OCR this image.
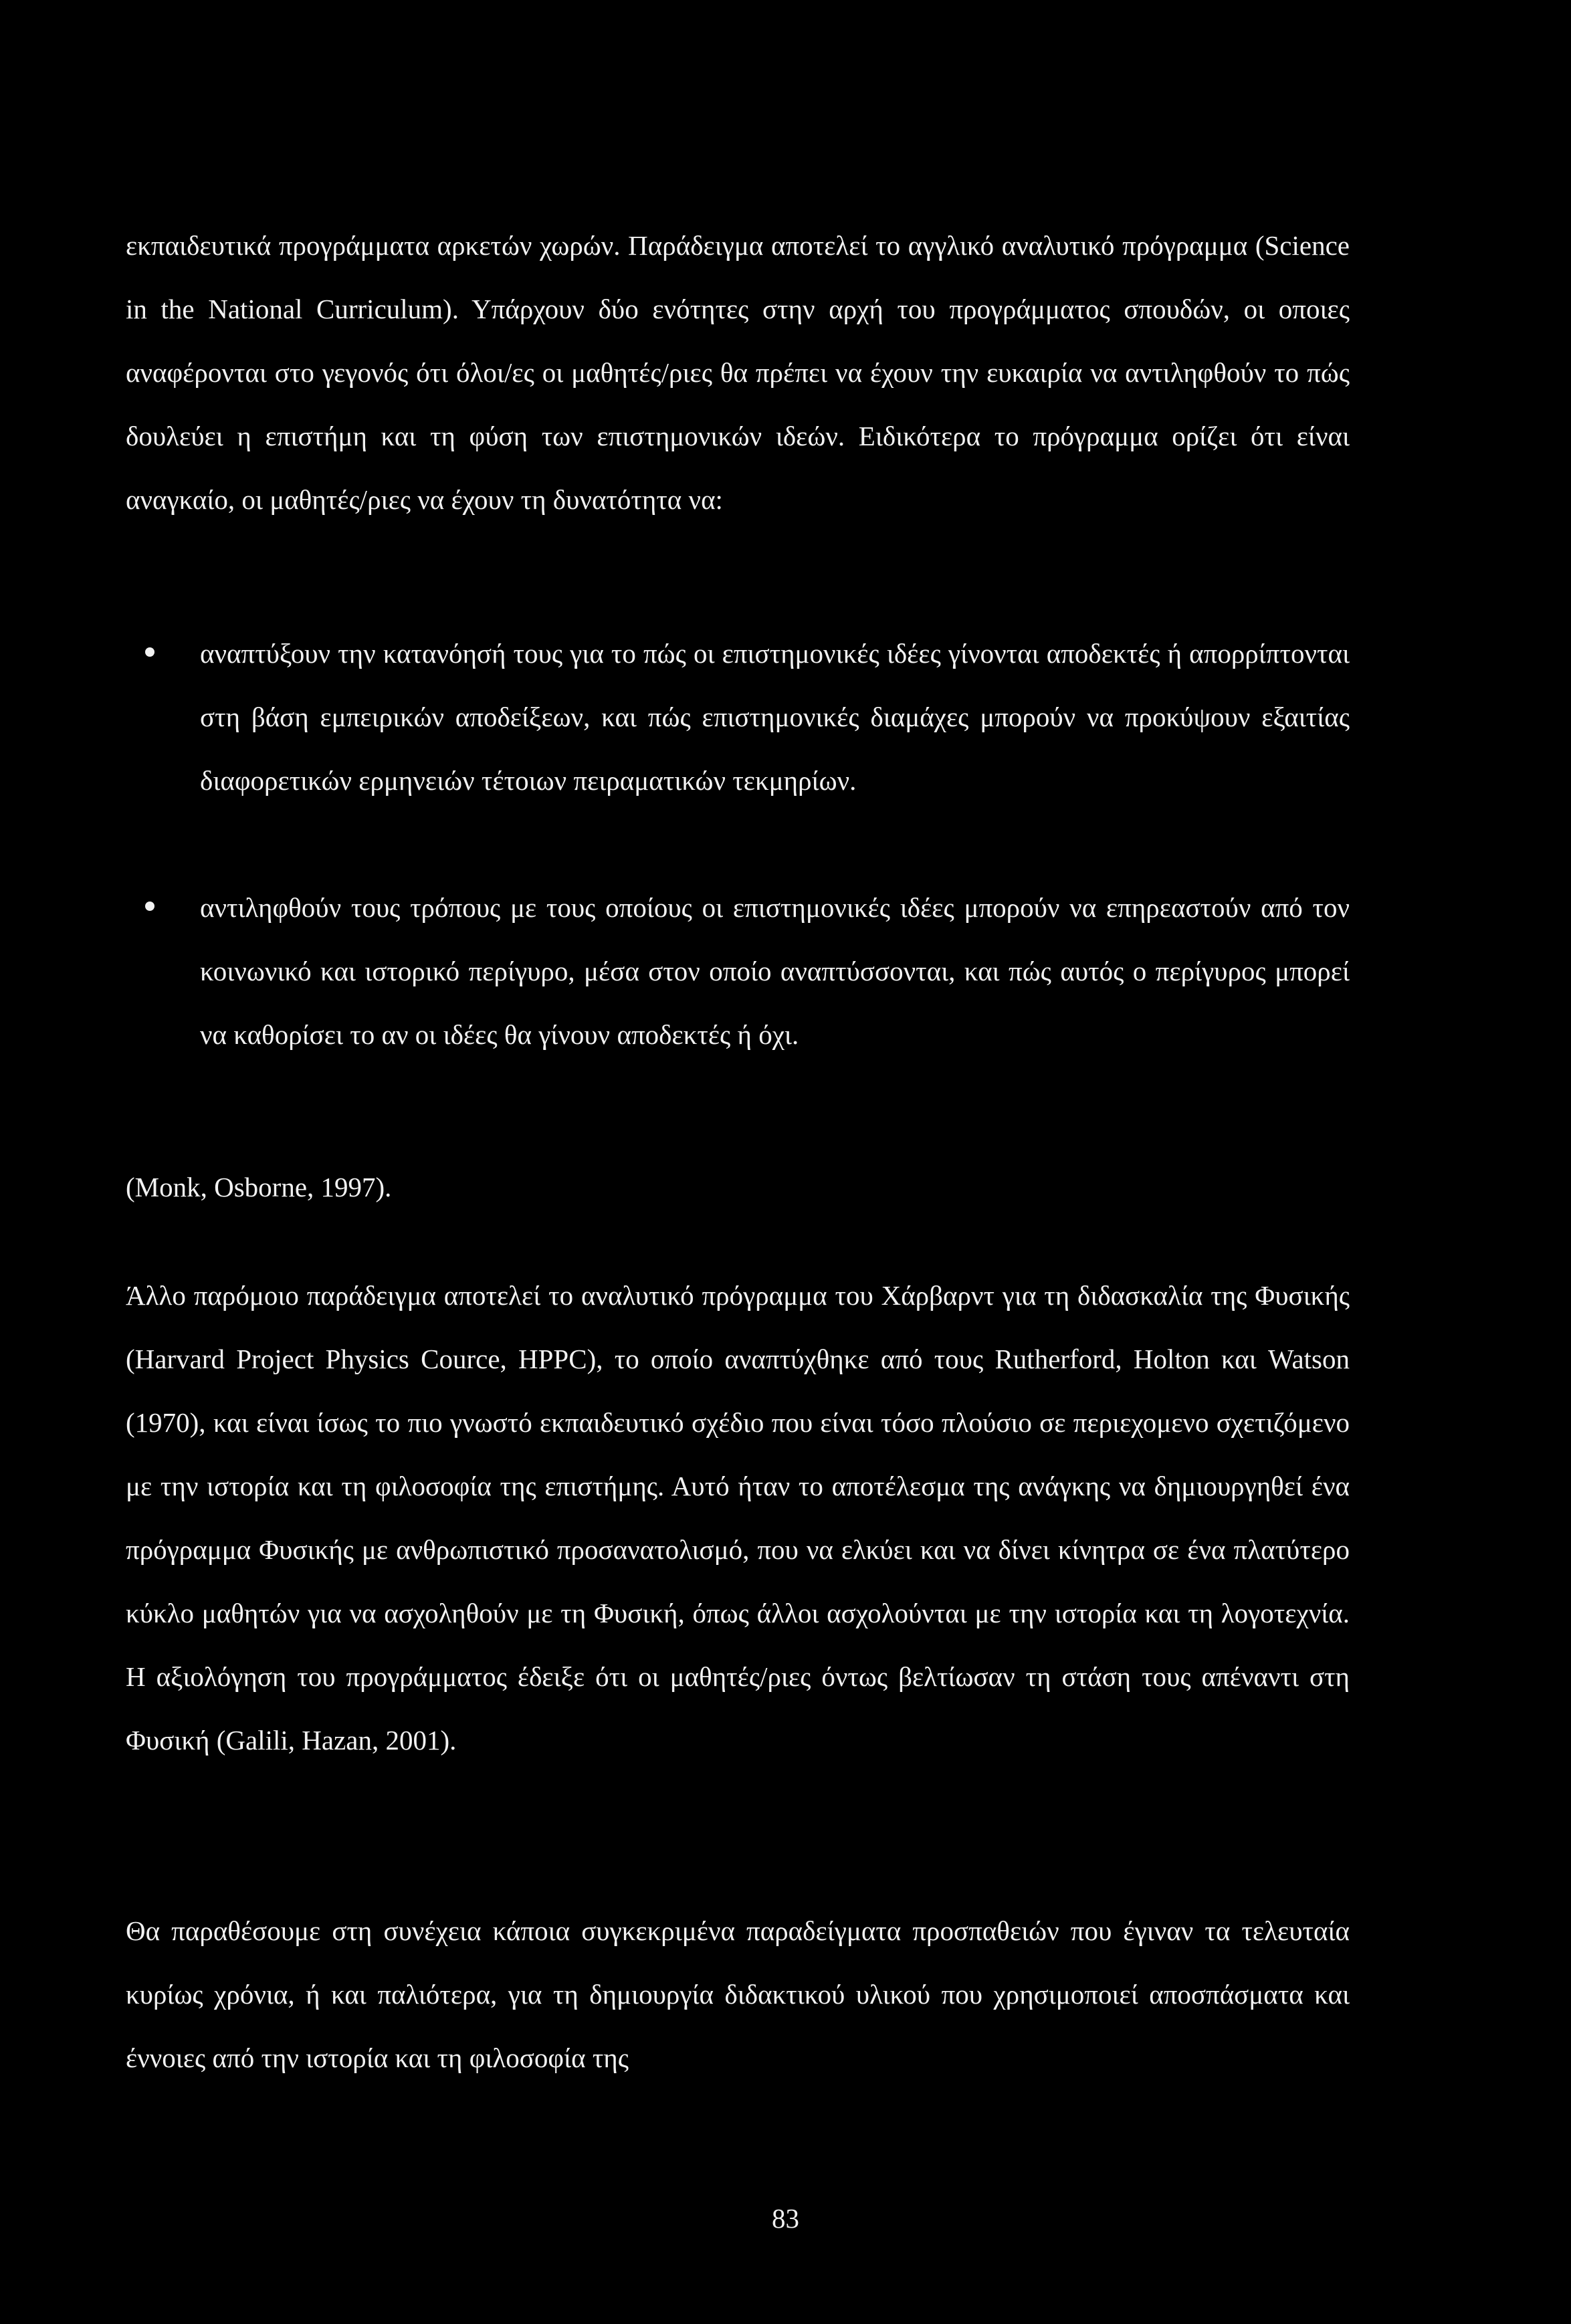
εκπαιδευτικά προγράμματα αρκετών χωρών. Παράδειγμα αποτελεί το αγγλικό αναλυτικό πρόγραμμα (Science in the National Curriculum). Υπάρχουν δύο ενότητες στην αρχή του προγράμματος σπουδών, οι οποιες αναφέρονται στο γεγονός ότι όλοι/ες οι μαθητές/ριες θα πρέπει να έχουν την ευκαιρία να αντιληφθούν το πώς δουλεύει η επιστήμη και τη φύση των επιστημονικών ιδεών. Ειδικότερα το πρόγραμμα ορίζει ότι είναι αναγκαίο, οι μαθητές/ριες να έχουν τη δυνατότητα να:

αναπτύξουν την κατανόησή τους για το πώς οι επιστημονικές ιδέες γίνονται αποδεκτές ή απορρίπτονται στη βάση εμπειρικών αποδείξεων, και πώς επιστημονικές διαμάχες μπορούν να προκύψουν εξαιτίας διαφορετικών ερμηνειών τέτοιων πειραματικών τεκμηρίων.
αντιληφθούν τους τρόπους με τους οποίους οι επιστημονικές ιδέες μπορούν να επηρεαστούν από τον κοινωνικό και ιστορικό περίγυρο, μέσα στον οποίο αναπτύσσονται, και πώς αυτός ο περίγυρος μπορεί να καθορίσει το αν οι ιδέες θα γίνουν αποδεκτές ή όχι.

(Monk, Osborne, 1997).

Άλλο παρόμοιο παράδειγμα αποτελεί το αναλυτικό πρόγραμμα του Χάρβαρντ για τη διδασκαλία της Φυσικής (Harvard Project Physics Cource, HPPC), το οποίο αναπτύχθηκε από τους Rutherford, Holton και Watson (1970), και είναι ίσως το πιο γνωστό εκπαιδευτικό σχέδιο που είναι τόσο πλούσιο σε περιεχομενο σχετιζόμενο με την ιστορία και τη φιλοσοφία της επιστήμης. Αυτό ήταν το αποτέλεσμα της ανάγκης να δημιουργηθεί ένα πρόγραμμα Φυσικής με ανθρωπιστικό προσανατολισμό, που να ελκύει και να δίνει κίνητρα σε ένα πλατύτερο κύκλο μαθητών για να ασχοληθούν με τη Φυσική, όπως άλλοι ασχολούνται με την ιστορία και τη λογοτεχνία. Η αξιολόγηση του προγράμματος έδειξε ότι οι μαθητές/ριες όντως βελτίωσαν τη στάση τους απέναντι στη Φυσική (Galili, Hazan, 2001).

Θα παραθέσουμε στη συνέχεια κάποια συγκεκριμένα παραδείγματα προσπαθειών που έγιναν τα τελευταία κυρίως χρόνια, ή και παλιότερα, για τη δημιουργία διδακτικού υλικού που χρησιμοποιεί αποσπάσματα και έννοιες από την ιστορία και τη φιλοσοφία της

83
